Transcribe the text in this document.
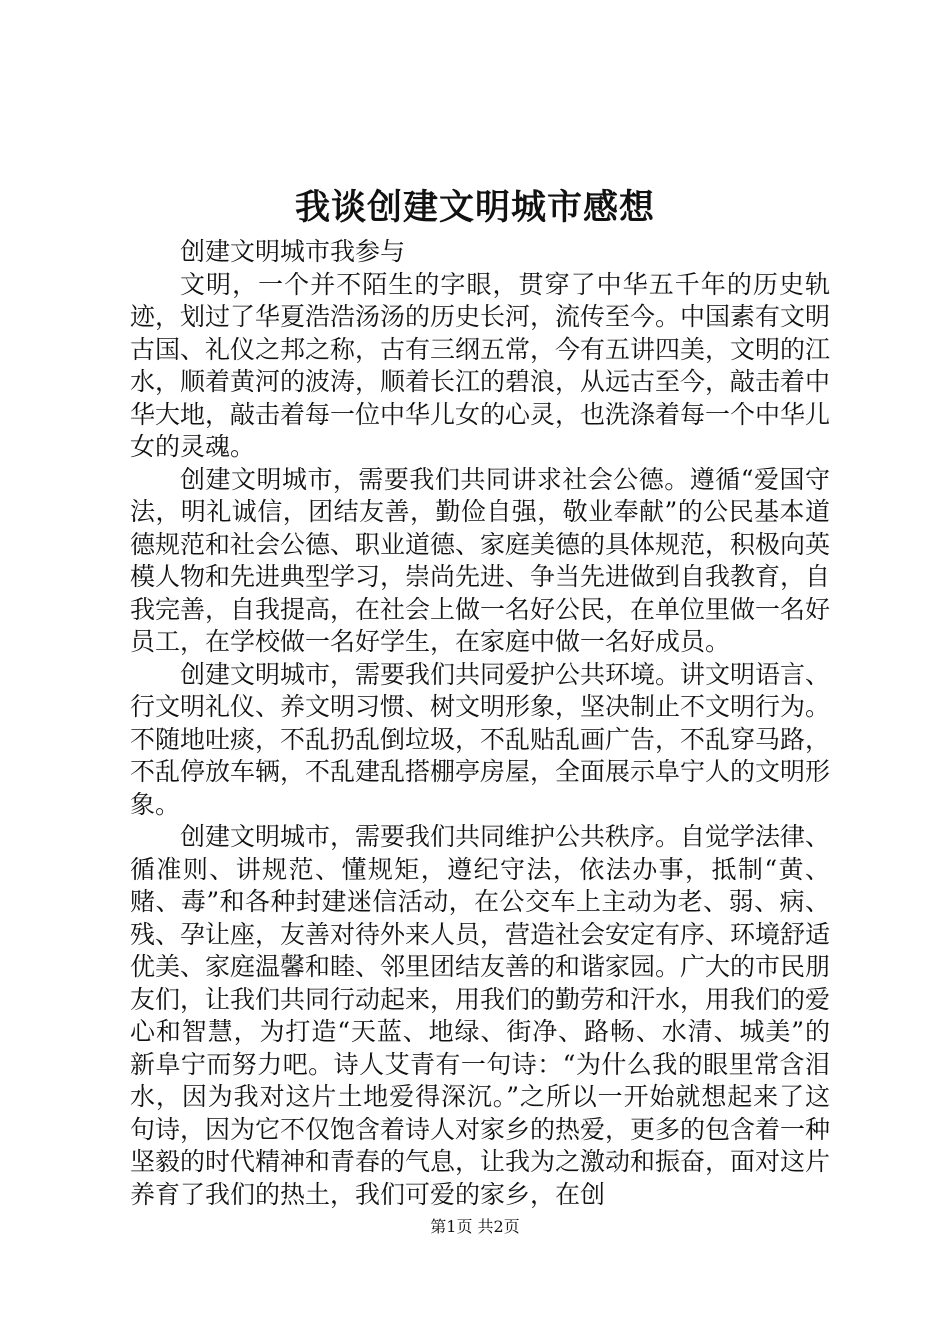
我谈创建文明城市感想

创建文明城市我参与

文明，一个并不陌生的字眼，贯穿了中华五千年的历史轨迹，划过了华夏浩浩汤汤的历史长河，流传至今。中国素有文明古国、礼仪之邦之称，古有三纲五常，今有五讲四美，文明的江水，顺着黄河的波涛，顺着长江的碧浪，从远古至今，敲击着中华大地，敲击着每一位中华儿女的心灵，也洗涤着每一个中华儿女的灵魂。

创建文明城市，需要我们共同讲求社会公德。遵循“爱国守法，明礼诚信，团结友善，勤俭自强，敬业奉献”的公民基本道德规范和社会公德、职业道德、家庭美德的具体规范，积极向英模人物和先进典型学习，崇尚先进、争当先进做到自我教育，自我完善，自我提高，在社会上做一名好公民，在单位里做一名好员工，在学校做一名好学生，在家庭中做一名好成员。

创建文明城市，需要我们共同爱护公共环境。讲文明语言、行文明礼仪、养文明习惯、树文明形象，坚决制止不文明行为。不随地吐痰，不乱扔乱倒垃圾，不乱贴乱画广告，不乱穿马路，不乱停放车辆，不乱建乱搭棚亭房屋，全面展示阜宁人的文明形象。

创建文明城市，需要我们共同维护公共秩序。自觉学法律、循准则、讲规范、懂规矩，遵纪守法，依法办事，抵制“黄、赌、毒”和各种封建迷信活动，在公交车上主动为老、弱、病、残、孕让座，友善对待外来人员，营造社会安定有序、环境舒适优美、家庭温馨和睦、邻里团结友善的和谐家园。广大的市民朋友们，让我们共同行动起来，用我们的勤劳和汗水，用我们的爱心和智慧，为打造“天蓝、地绿、街净、路畅、水清、城美”的新阜宁而努力吧。诗人艾青有一句诗：“为什么我的眼里常含泪水，因为我对这片土地爱得深沉。”之所以一开始就想起来了这句诗，因为它不仅饱含着诗人对家乡的热爱，更多的包含着一种坚毅的时代精神和青春的气息，让我为之激动和振奋，面对这片养育了我们的热土，我们可爱的家乡，在创

第1页 共2页
